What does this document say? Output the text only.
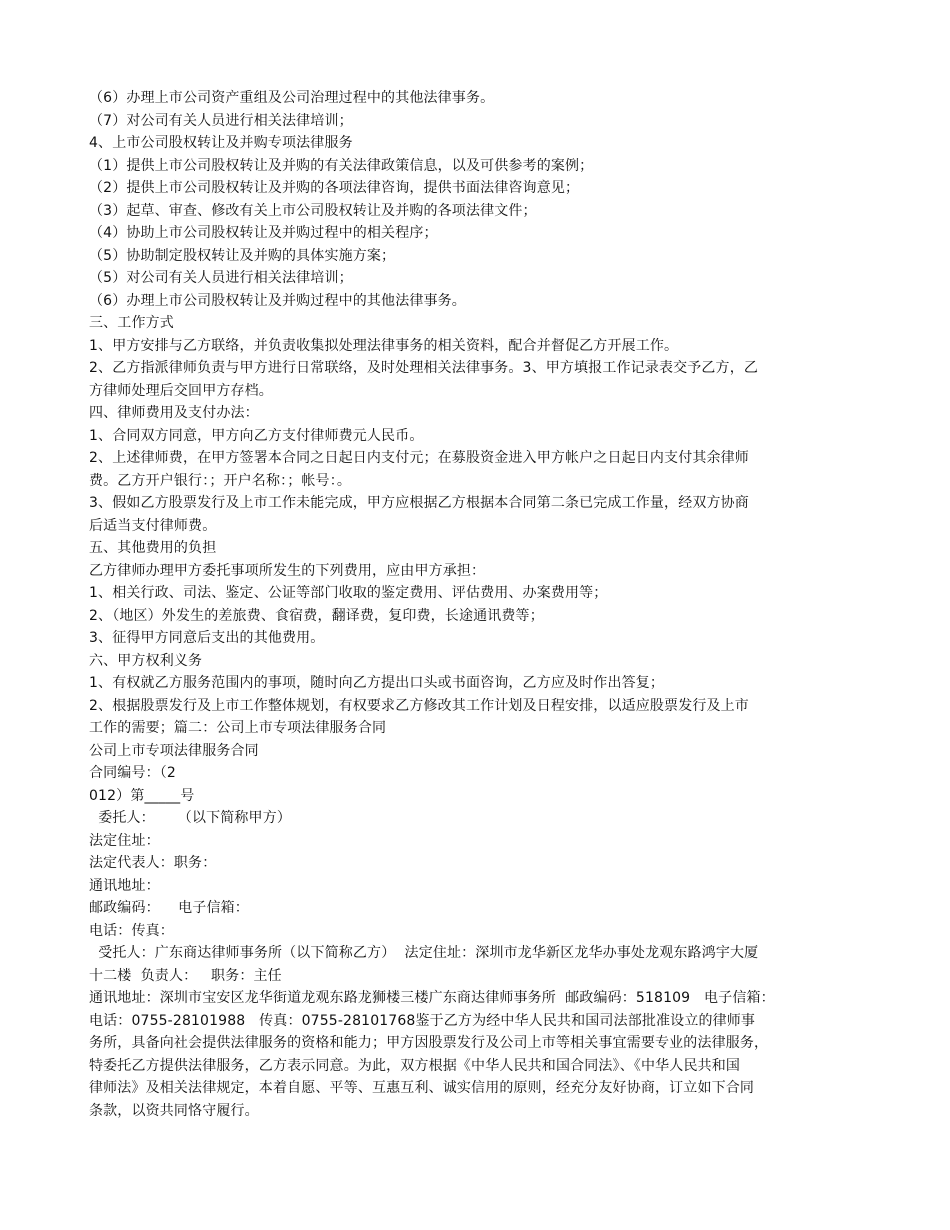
（6）办理上市公司资产重组及公司治理过程中的其他法律事务。
（7）对公司有关人员进行相关法律培训；
4、上市公司股权转让及并购专项法律服务
（1）提供上市公司股权转让及并购的有关法律政策信息，以及可供参考的案例；
（2）提供上市公司股权转让及并购的各项法律咨询，提供书面法律咨询意见；
（3）起草、审查、修改有关上市公司股权转让及并购的各项法律文件；
（4）协助上市公司股权转让及并购过程中的相关程序；
（5）协助制定股权转让及并购的具体实施方案；
（5）对公司有关人员进行相关法律培训；
（6）办理上市公司股权转让及并购过程中的其他法律事务。
三、工作方式
1、甲方安排与乙方联络，并负责收集拟处理法律事务的相关资料，配合并督促乙方开展工作。
2、乙方指派律师负责与甲方进行日常联络，及时处理相关法律事务。3、甲方填报工作记录表交予乙方，乙
方律师处理后交回甲方存档。
四、律师费用及支付办法：
1、合同双方同意，甲方向乙方支付律师费元人民币。
2、上述律师费，在甲方签署本合同之日起日内支付元；在募股资金进入甲方帐户之日起日内支付其余律师
费。乙方开户银行：；开户名称：；帐号：。
3、假如乙方股票发行及上市工作未能完成，甲方应根据乙方根据本合同第二条已完成工作量，经双方协商
后适当支付律师费。
五、其他费用的负担
乙方律师办理甲方委托事项所发生的下列费用，应由甲方承担：
1、相关行政、司法、鉴定、公证等部门收取的鉴定费用、评估费用、办案费用等；
2、（地区）外发生的差旅费、食宿费，翻译费，复印费，长途通讯费等；
3、征得甲方同意后支出的其他费用。
六、甲方权利义务
1、有权就乙方服务范围内的事项，随时向乙方提出口头或书面咨询，乙方应及时作出答复；
2、根据股票发行及上市工作整体规划，有权要求乙方修改其工作计划及日程安排，以适应股票发行及上市
工作的需要；篇二：公司上市专项法律服务合同
公司上市专项法律服务合同
合同编号：（2
012）第_____号
委托人：     （以下简称甲方）
法定住址：
法定代表人：职务：
通讯地址：
邮政编码：    电子信箱：
电话：传真：
受托人：广东商达律师事务所（以下简称乙方）  法定住址：深圳市龙华新区龙华办事处龙观东路鸿宇大厦
十二楼  负责人：   职务：主任
通讯地址：深圳市宝安区龙华街道龙观东路龙狮楼三楼广东商达律师事务所  邮政编码：518109   电子信箱：
电话：0755-28101988   传真：0755-28101768鉴于乙方为经中华人民共和国司法部批准设立的律师事
务所，具备向社会提供法律服务的资格和能力；甲方因股票发行及公司上市等相关事宜需要专业的法律服务，
特委托乙方提供法律服务，乙方表示同意。为此，双方根据《中华人民共和国合同法》、《中华人民共和国
律师法》及相关法律规定，本着自愿、平等、互惠互利、诚实信用的原则，经充分友好协商，订立如下合同
条款，以资共同恪守履行。
